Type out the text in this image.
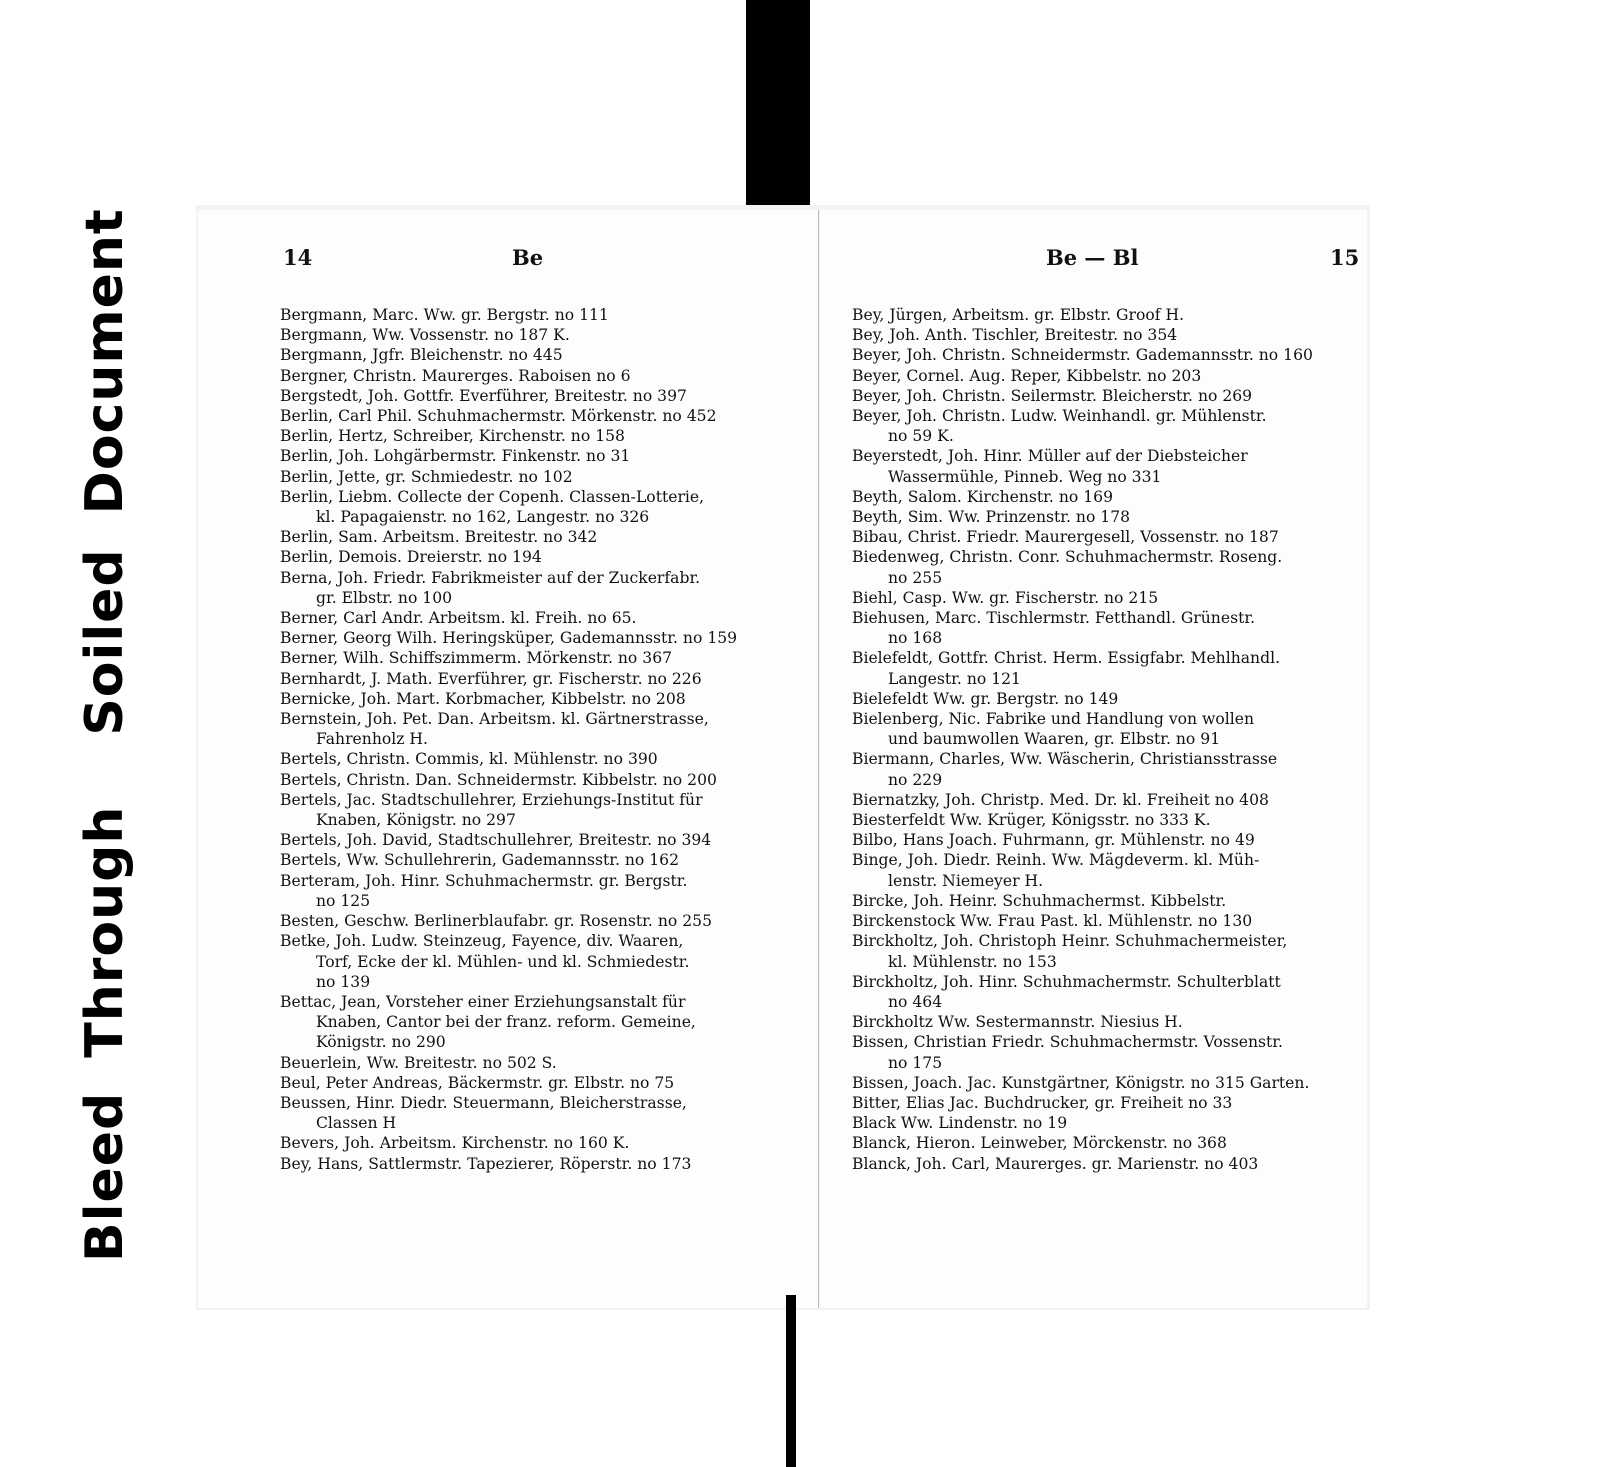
BleedThroughSoiledDocument	14	Be	Be — Bl	15
Bergmann, Marc. Ww. gr. Bergstr. no 111
Bergmann, Ww. Vossenstr. no 187 K.
Bergmann, Jgfr. Bleichenstr. no 445
Bergner, Christn. Maurerges. Raboisen no 6
Bergstedt, Joh. Gottfr. Everführer, Breitestr. no 397
Berlin, Carl Phil. Schuhmachermstr. Mörkenstr. no 452
Berlin, Hertz, Schreiber, Kirchenstr. no 158
Berlin, Joh. Lohgärbermstr. Finkenstr. no 31
Berlin, Jette, gr. Schmiedestr. no 102
Berlin, Liebm. Collecte der Copenh. Classen-Lotterie,
kl. Papagaienstr. no 162, Langestr. no 326
Berlin, Sam. Arbeitsm. Breitestr. no 342
Berlin, Demois. Dreierstr. no 194
Berna, Joh. Friedr. Fabrikmeister auf der Zuckerfabr.
gr. Elbstr. no 100
Berner, Carl Andr. Arbeitsm. kl. Freih. no 65.
Berner, Georg Wilh. Heringsküper, Gademannsstr. no 159
Berner, Wilh. Schiffszimmerm. Mörkenstr. no 367
Bernhardt, J. Math. Everführer, gr. Fischerstr. no 226
Bernicke, Joh. Mart. Korbmacher, Kibbelstr. no 208
Bernstein, Joh. Pet. Dan. Arbeitsm. kl. Gärtnerstrasse,
Fahrenholz H.
Bertels, Christn. Commis, kl. Mühlenstr. no 390
Bertels, Christn. Dan. Schneidermstr. Kibbelstr. no 200
Bertels, Jac. Stadtschullehrer, Erziehungs-Institut für
Knaben, Königstr. no 297
Bertels, Joh. David, Stadtschullehrer, Breitestr. no 394
Bertels, Ww. Schullehrerin, Gademannsstr. no 162
Berteram, Joh. Hinr. Schuhmachermstr. gr. Bergstr.
no 125
Besten, Geschw. Berlinerblaufabr. gr. Rosenstr. no 255
Betke, Joh. Ludw. Steinzeug, Fayence, div. Waaren,
Torf, Ecke der kl. Mühlen- und kl. Schmiedestr.
no 139
Bettac, Jean, Vorsteher einer Erziehungsanstalt für
Knaben, Cantor bei der franz. reform. Gemeine,
Königstr. no 290
Beuerlein, Ww. Breitestr. no 502 S.
Beul, Peter Andreas, Bäckermstr. gr. Elbstr. no 75
Beussen, Hinr. Diedr. Steuermann, Bleicherstrasse,
Classen H
Bevers, Joh. Arbeitsm. Kirchenstr. no 160 K.
Bey, Hans, Sattlermstr. Tapezierer, Röperstr. no 173
Bey, Jürgen, Arbeitsm. gr. Elbstr. Groof H.
Bey, Joh. Anth. Tischler, Breitestr. no 354
Beyer, Joh. Christn. Schneidermstr. Gademannsstr. no 160
Beyer, Cornel. Aug. Reper, Kibbelstr. no 203
Beyer, Joh. Christn. Seilermstr. Bleicherstr. no 269
Beyer, Joh. Christn. Ludw. Weinhandl. gr. Mühlenstr.
no 59 K.
Beyerstedt, Joh. Hinr. Müller auf der Diebsteicher
Wassermühle, Pinneb. Weg no 331
Beyth, Salom. Kirchenstr. no 169
Beyth, Sim. Ww. Prinzenstr. no 178
Bibau, Christ. Friedr. Maurergesell, Vossenstr. no 187
Biedenweg, Christn. Conr. Schuhmachermstr. Roseng.
no 255
Biehl, Casp. Ww. gr. Fischerstr. no 215
Biehusen, Marc. Tischlermstr. Fetthandl. Grünestr.
no 168
Bielefeldt, Gottfr. Christ. Herm. Essigfabr. Mehlhandl.
Langestr. no 121
Bielefeldt Ww. gr. Bergstr. no 149
Bielenberg, Nic. Fabrike und Handlung von wollen
und baumwollen Waaren, gr. Elbstr. no 91
Biermann, Charles, Ww. Wäscherin, Christiansstrasse
no 229
Biernatzky, Joh. Christp. Med. Dr. kl. Freiheit no 408
Biesterfeldt Ww. Krüger, Königsstr. no 333 K.
Bilbo, Hans Joach. Fuhrmann, gr. Mühlenstr. no 49
Binge, Joh. Diedr. Reinh. Ww. Mägdeverm. kl. Müh-
lenstr. Niemeyer H.
Bircke, Joh. Heinr. Schuhmachermst. Kibbelstr.
Birckenstock Ww. Frau Past. kl. Mühlenstr. no 130
Birckholtz, Joh. Christoph Heinr. Schuhmachermeister,
kl. Mühlenstr. no 153
Birckholtz, Joh. Hinr. Schuhmachermstr. Schulterblatt
no 464
Birckholtz Ww. Sestermannstr. Niesius H.
Bissen, Christian Friedr. Schuhmachermstr. Vossenstr.
no 175
Bissen, Joach. Jac. Kunstgärtner, Königstr. no 315 Garten.
Bitter, Elias Jac. Buchdrucker, gr. Freiheit no 33
Black Ww. Lindenstr. no 19
Blanck, Hieron. Leinweber, Mörckenstr. no 368
Blanck, Joh. Carl, Maurerges. gr. Marienstr. no 403
